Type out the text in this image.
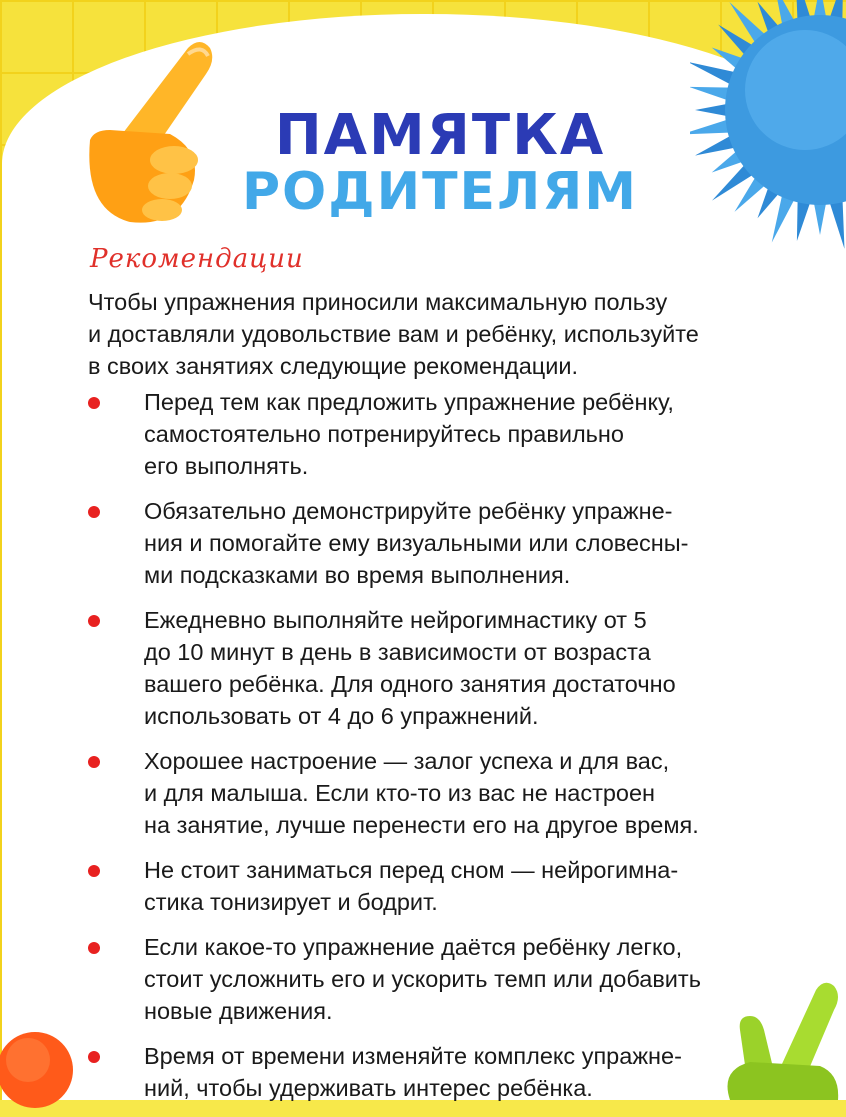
ПАМЯТКА
РОДИТЕЛЯМ
Рекомендации
Чтобы упражнения приносили максимальную пользу
и доставляли удовольствие вам и ребёнку, используйте
в своих занятиях следующие рекомендации.
Перед тем как предложить упражнение ребёнку,
самостоятельно потренируйтесь правильно
его выполнять.
Обязательно демонстрируйте ребёнку упражне-
ния и помогайте ему визуальными или словесны-
ми подсказками во время выполнения.
Ежедневно выполняйте нейрогимнастику от 5
до 10 минут в день в зависимости от возраста
вашего ребёнка. Для одного занятия достаточно
использовать от 4 до 6 упражнений.
Хорошее настроение — залог успеха и для вас,
и для малыша. Если кто-то из вас не настроен
на занятие, лучше перенести его на другое время.
Не стоит заниматься перед сном — нейрогимна-
стика тонизирует и бодрит.
Если какое-то упражнение даётся ребёнку легко,
стоит усложнить его и ускорить темп или добавить
новые движения.
Время от времени изменяйте комплекс упражне-
ний, чтобы удерживать интерес ребёнка.
